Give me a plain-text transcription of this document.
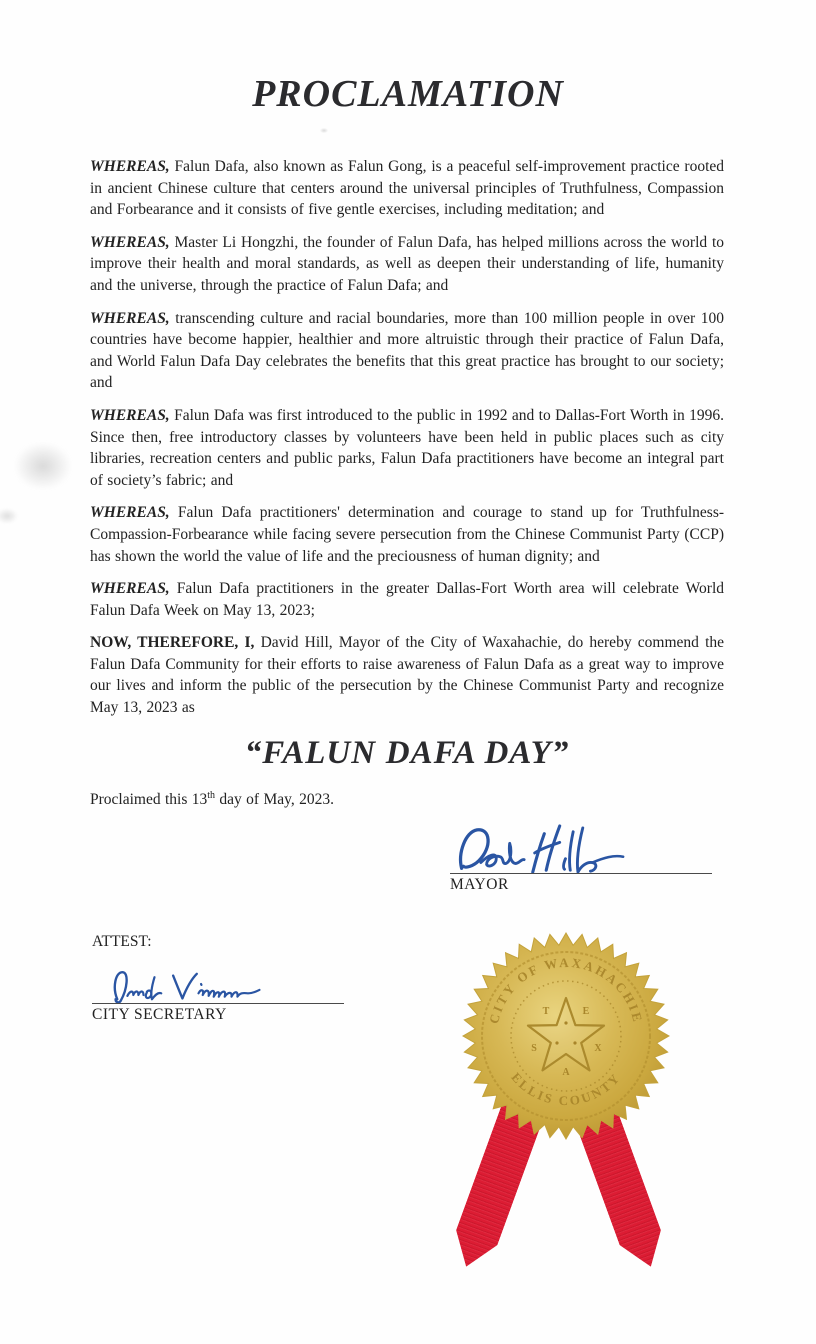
PROCLAMATION

WHEREAS, Falun Dafa, also known as Falun Gong, is a peaceful self-improvement practice rooted in ancient Chinese culture that centers around the universal principles of Truthfulness, Compassion and Forbearance and it consists of five gentle exercises, including meditation; and

WHEREAS, Master Li Hongzhi, the founder of Falun Dafa, has helped millions across the world to improve their health and moral standards, as well as deepen their understanding of life, humanity and the universe, through the practice of Falun Dafa; and

WHEREAS, transcending culture and racial boundaries, more than 100 million people in over 100 countries have become happier, healthier and more altruistic through their practice of Falun Dafa, and World Falun Dafa Day celebrates the benefits that this great practice has brought to our society; and

WHEREAS, Falun Dafa was first introduced to the public in 1992 and to Dallas-Fort Worth in 1996. Since then, free introductory classes by volunteers have been held in public places such as city libraries, recreation centers and public parks, Falun Dafa practitioners have become an integral part of society’s fabric; and

WHEREAS, Falun Dafa practitioners' determination and courage to stand up for Truthfulness-Compassion-Forbearance while facing severe persecution from the Chinese Communist Party (CCP) has shown the world the value of life and the preciousness of human dignity; and

WHEREAS, Falun Dafa practitioners in the greater Dallas-Fort Worth area will celebrate World Falun Dafa Week on May 13, 2023;

NOW, THEREFORE, I, David Hill, Mayor of the City of Waxahachie, do hereby commend the Falun Dafa Community for their efforts to raise awareness of Falun Dafa as a great way to improve our lives and inform the public of the persecution by the Chinese Communist Party and recognize May 13, 2023 as

“FALUN DAFA DAY”

Proclaimed this 13th day of May, 2023.

MAYOR
ATTEST:
CITY SECRETARY	CITY OF WAXAHACHIE
ELLIS COUNTY
T	E
X
A
S
